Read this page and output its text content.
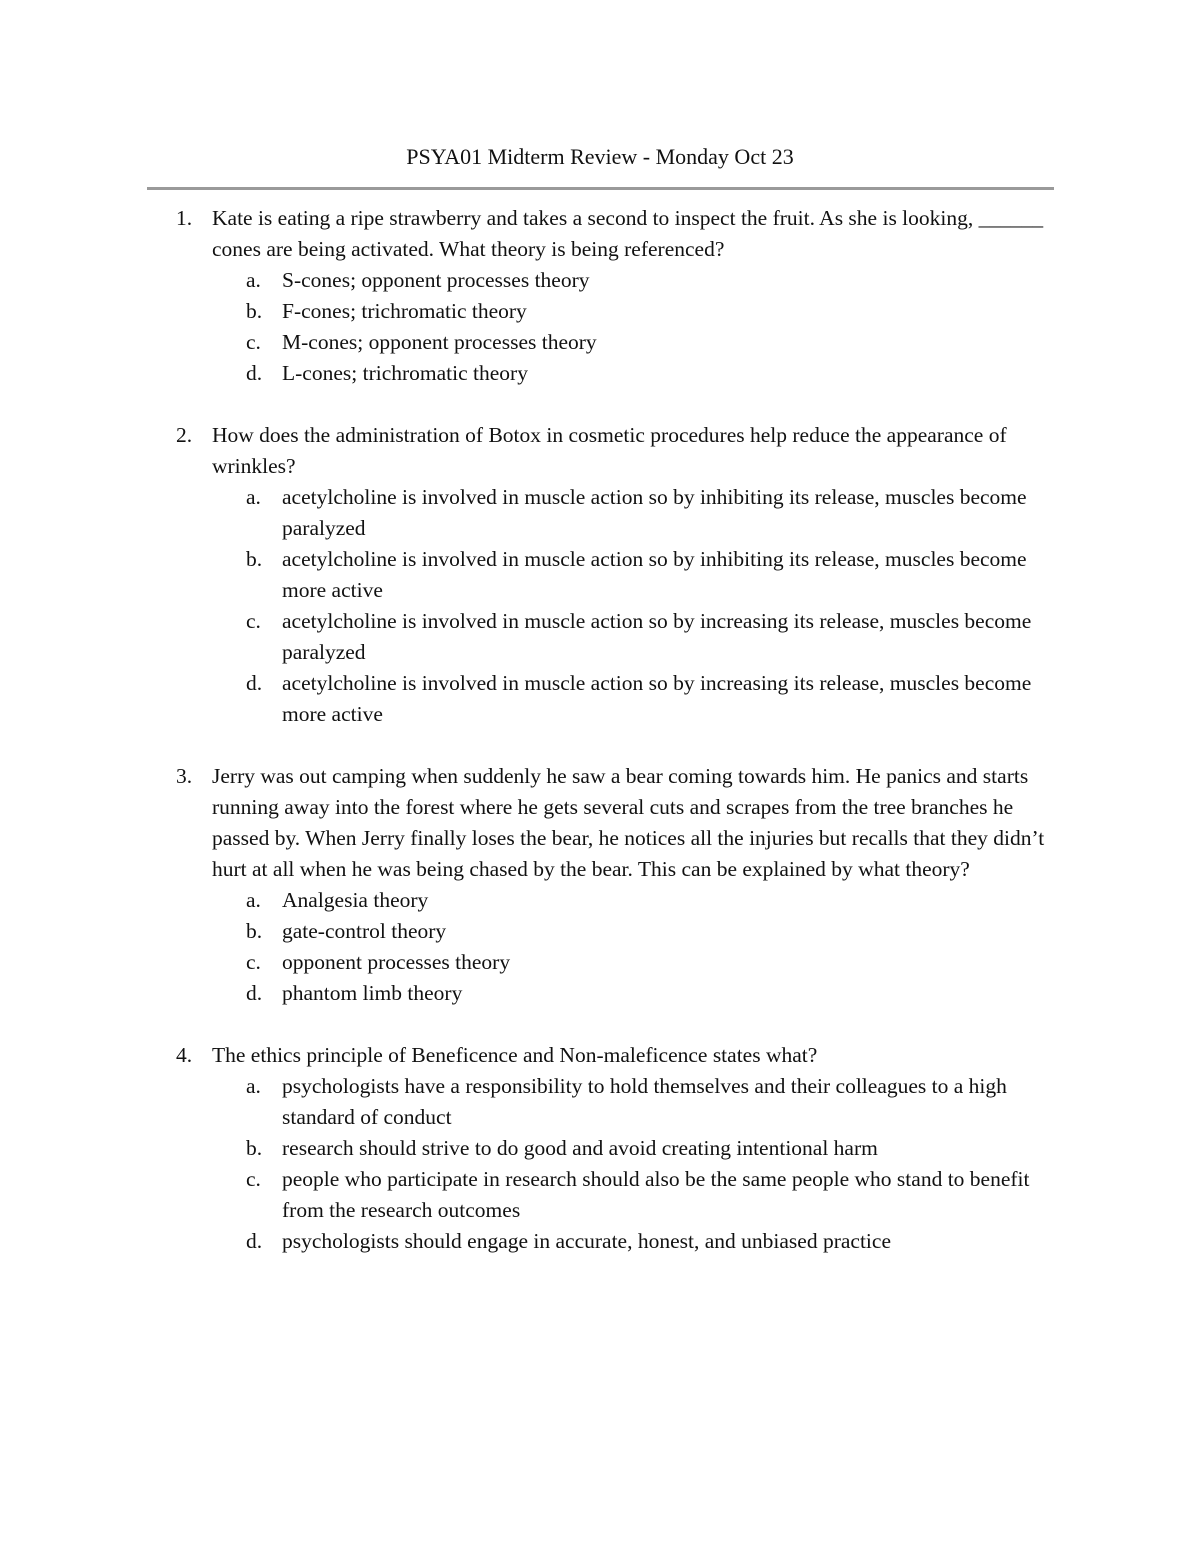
PSYA01 Midterm Review - Monday Oct 23
1. Kate is eating a ripe strawberry and takes a second to inspect the fruit. As she is looking, ______ cones are being activated. What theory is being referenced?
a. S-cones; opponent processes theory
b. F-cones; trichromatic theory
c. M-cones; opponent processes theory
d. L-cones; trichromatic theory
2. How does the administration of Botox in cosmetic procedures help reduce the appearance of wrinkles?
a. acetylcholine is involved in muscle action so by inhibiting its release, muscles become paralyzed
b. acetylcholine is involved in muscle action so by inhibiting its release, muscles become more active
c. acetylcholine is involved in muscle action so by increasing its release, muscles become paralyzed
d. acetylcholine is involved in muscle action so by increasing its release, muscles become more active
3. Jerry was out camping when suddenly he saw a bear coming towards him. He panics and starts running away into the forest where he gets several cuts and scrapes from the tree branches he passed by. When Jerry finally loses the bear, he notices all the injuries but recalls that they didn’t hurt at all when he was being chased by the bear. This can be explained by what theory?
a. Analgesia theory
b. gate-control theory
c. opponent processes theory
d. phantom limb theory
4. The ethics principle of Beneficence and Non-maleficence states what?
a. psychologists have a responsibility to hold themselves and their colleagues to a high standard of conduct
b. research should strive to do good and avoid creating intentional harm
c. people who participate in research should also be the same people who stand to benefit from the research outcomes
d. psychologists should engage in accurate, honest, and unbiased practice
